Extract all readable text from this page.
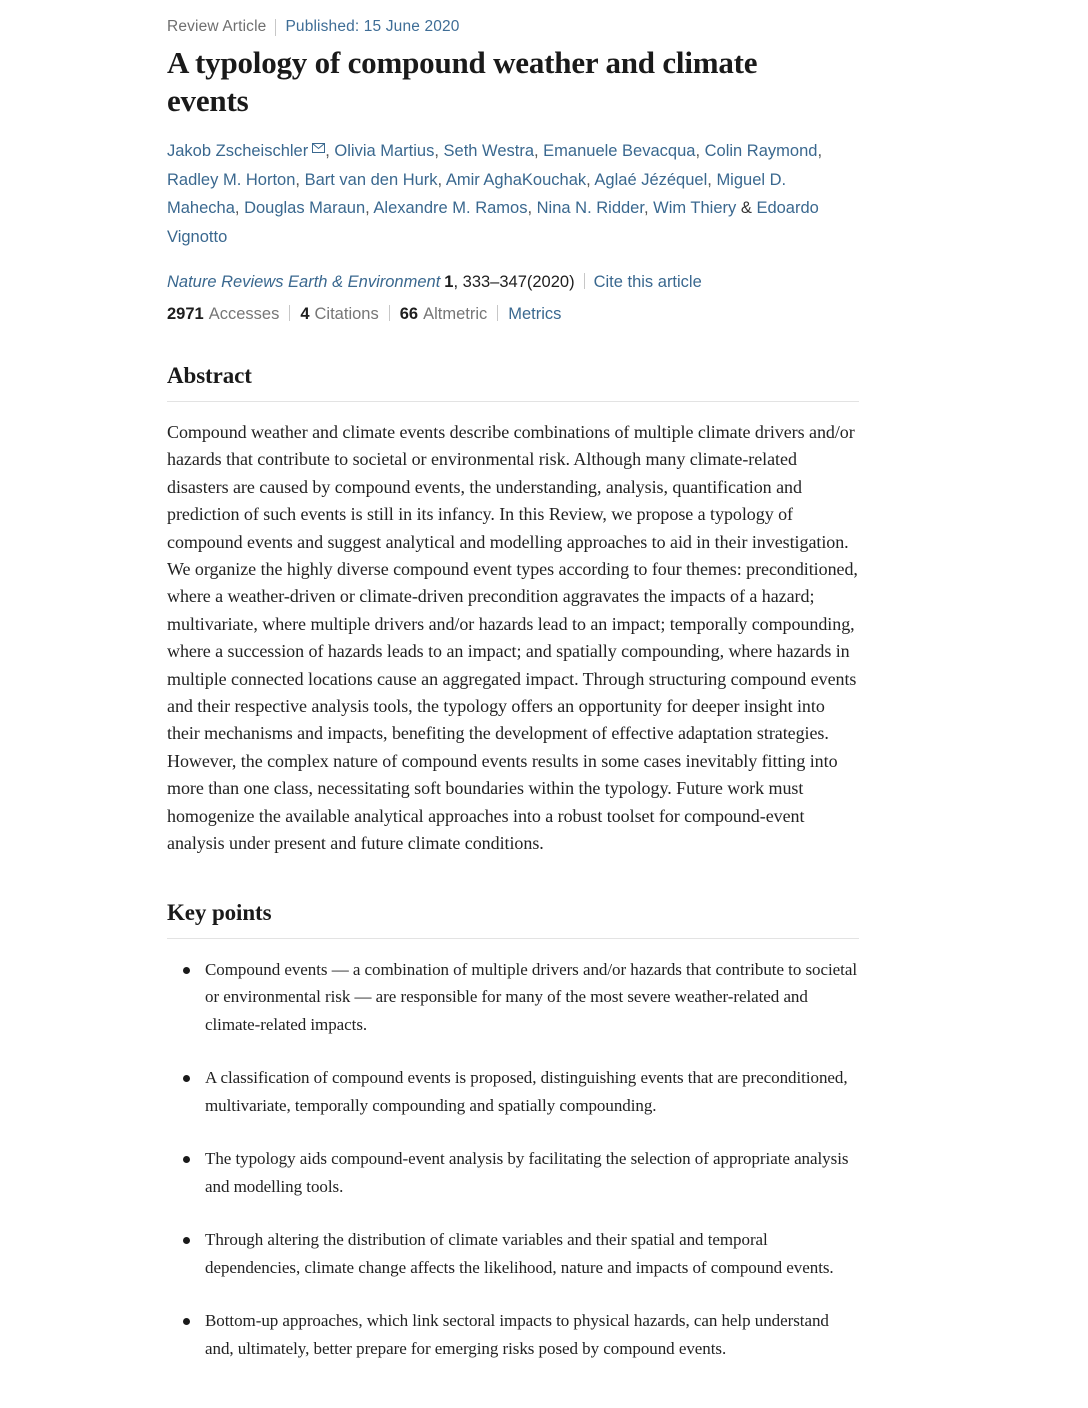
Review Article Published: 15 June 2020
A typology of compound weather and climate events
Jakob Zscheischler , Olivia Martius, Seth Westra, Emanuele Bevacqua, Colin Raymond, Radley M. Horton, Bart van den Hurk, Amir AghaKouchak, Aglaé Jézéquel, Miguel D. Mahecha, Douglas Maraun, Alexandre M. Ramos, Nina N. Ridder, Wim Thiery & Edoardo Vignotto
Nature Reviews Earth & Environment 1, 333–347(2020) Cite this article
2971 Accesses 4 Citations 66 Altmetric Metrics
Abstract

Compound weather and climate events describe combinations of multiple climate drivers and/or hazards that contribute to societal or environmental risk. Although many climate-related disasters are caused by compound events, the understanding, analysis, quantification and prediction of such events is still in its infancy. In this Review, we propose a typology of compound events and suggest analytical and modelling approaches to aid in their investigation. We organize the highly diverse compound event types according to four themes: preconditioned, where a weather-driven or climate-driven precondition aggravates the impacts of a hazard; multivariate, where multiple drivers and/or hazards lead to an impact; temporally compounding, where a succession of hazards leads to an impact; and spatially compounding, where hazards in multiple connected locations cause an aggregated impact. Through structuring compound events and their respective analysis tools, the typology offers an opportunity for deeper insight into their mechanisms and impacts, benefiting the development of effective adaptation strategies. However, the complex nature of compound events results in some cases inevitably fitting into more than one class, necessitating soft boundaries within the typology. Future work must homogenize the available analytical approaches into a robust toolset for compound-event analysis under present and future climate conditions.

Key points
Compound events — a combination of multiple drivers and/or hazards that contribute to societal or environmental risk — are responsible for many of the most severe weather-related and climate-related impacts.
A classification of compound events is proposed, distinguishing events that are preconditioned, multivariate, temporally compounding and spatially compounding.
The typology aids compound-event analysis by facilitating the selection of appropriate analysis and modelling tools.
Through altering the distribution of climate variables and their spatial and temporal dependencies, climate change affects the likelihood, nature and impacts of compound events.
Bottom-up approaches, which link sectoral impacts to physical hazards, can help understand and, ultimately, better prepare for emerging risks posed by compound events.
